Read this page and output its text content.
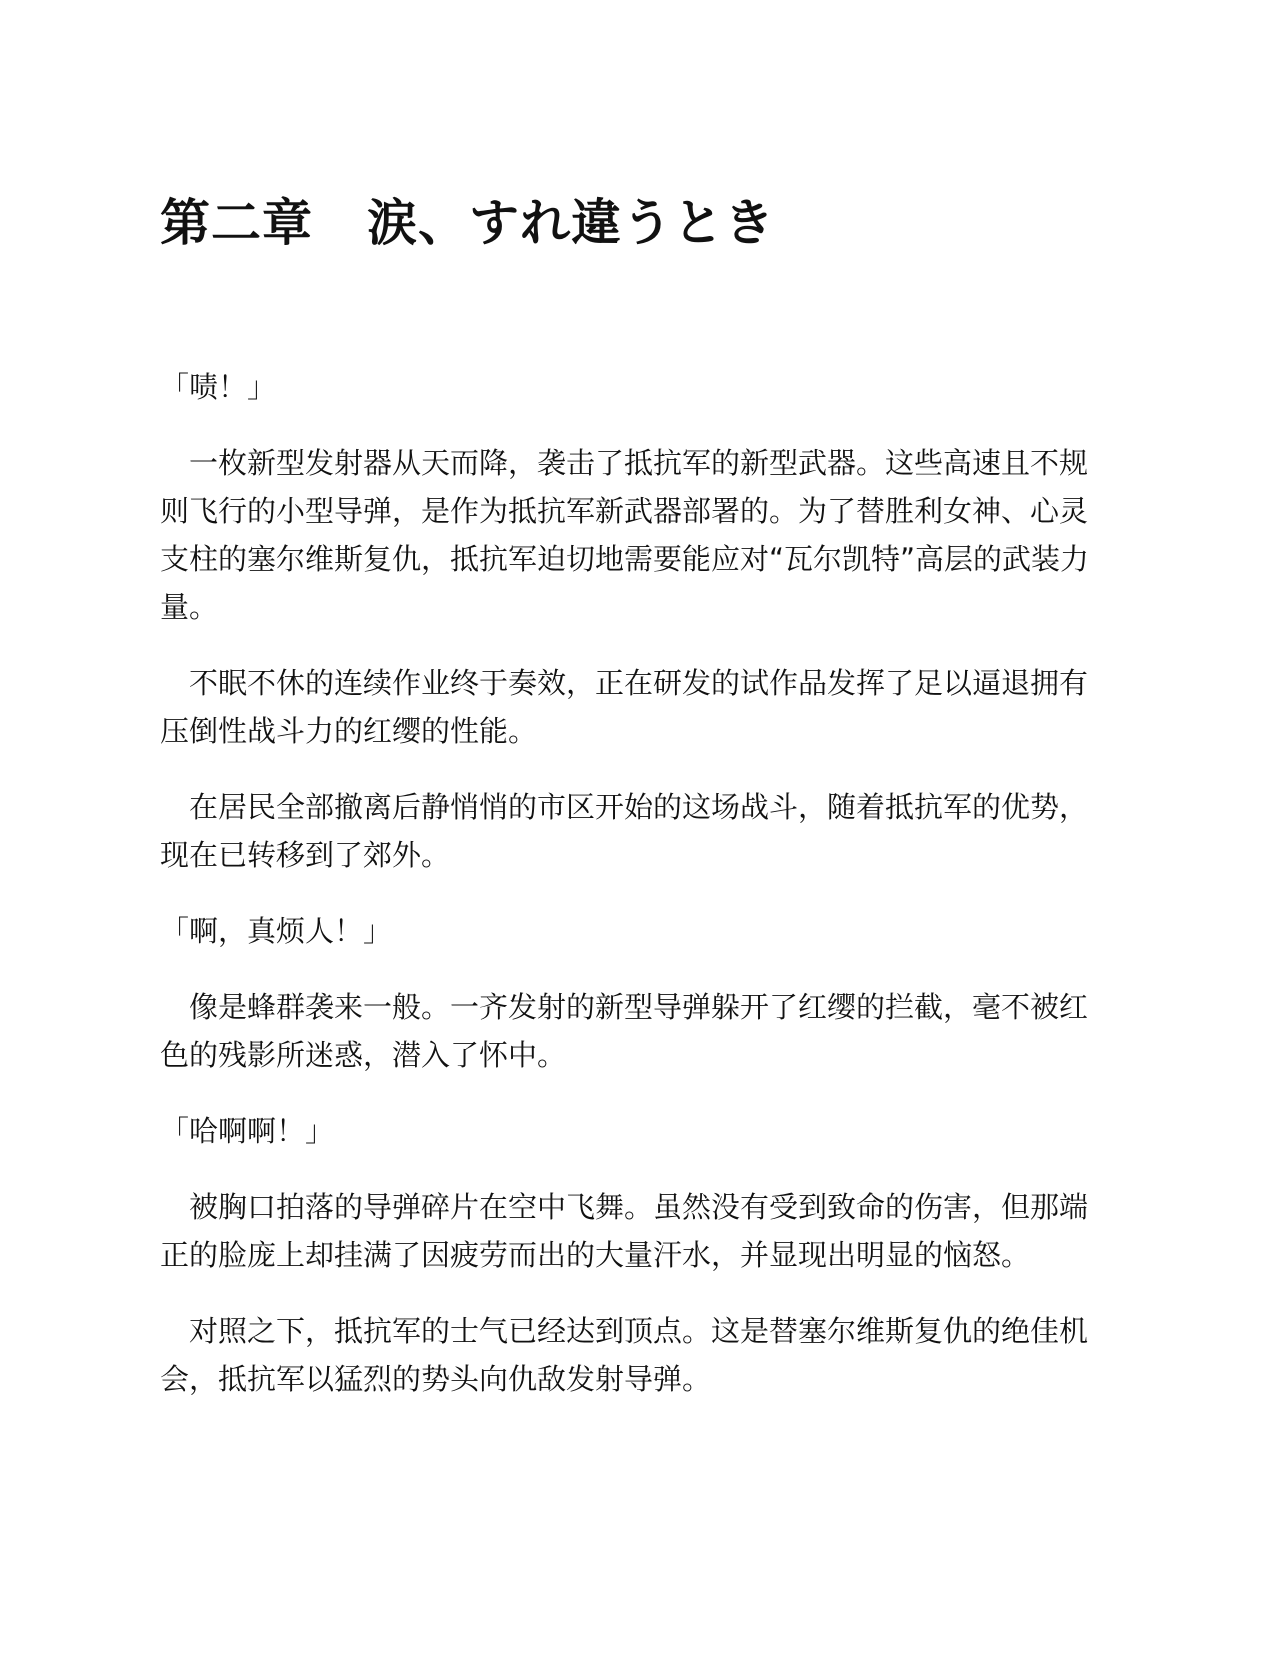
第二章 涙、すれ違うとき

「啧！」

一枚新型发射器从天而降，袭击了抵抗军的新型武器。这些高速且不规则飞行的小型导弹，是作为抵抗军新武器部署的。为了替胜利女神、心灵支柱的塞尔维斯复仇，抵抗军迫切地需要能应对“瓦尔凯特”高层的武装力量。

不眠不休的连续作业终于奏效，正在研发的试作品发挥了足以逼退拥有压倒性战斗力的红缨的性能。

在居民全部撤离后静悄悄的市区开始的这场战斗，随着抵抗军的优势，现在已转移到了郊外。

「啊，真烦人！」

像是蜂群袭来一般。一齐发射的新型导弹躲开了红缨的拦截，毫不被红色的残影所迷惑，潜入了怀中。

「哈啊啊！」

被胸口拍落的导弹碎片在空中飞舞。虽然没有受到致命的伤害，但那端正的脸庞上却挂满了因疲劳而出的大量汗水，并显现出明显的恼怒。

对照之下，抵抗军的士气已经达到顶点。这是替塞尔维斯复仇的绝佳机会，抵抗军以猛烈的势头向仇敌发射导弹。
